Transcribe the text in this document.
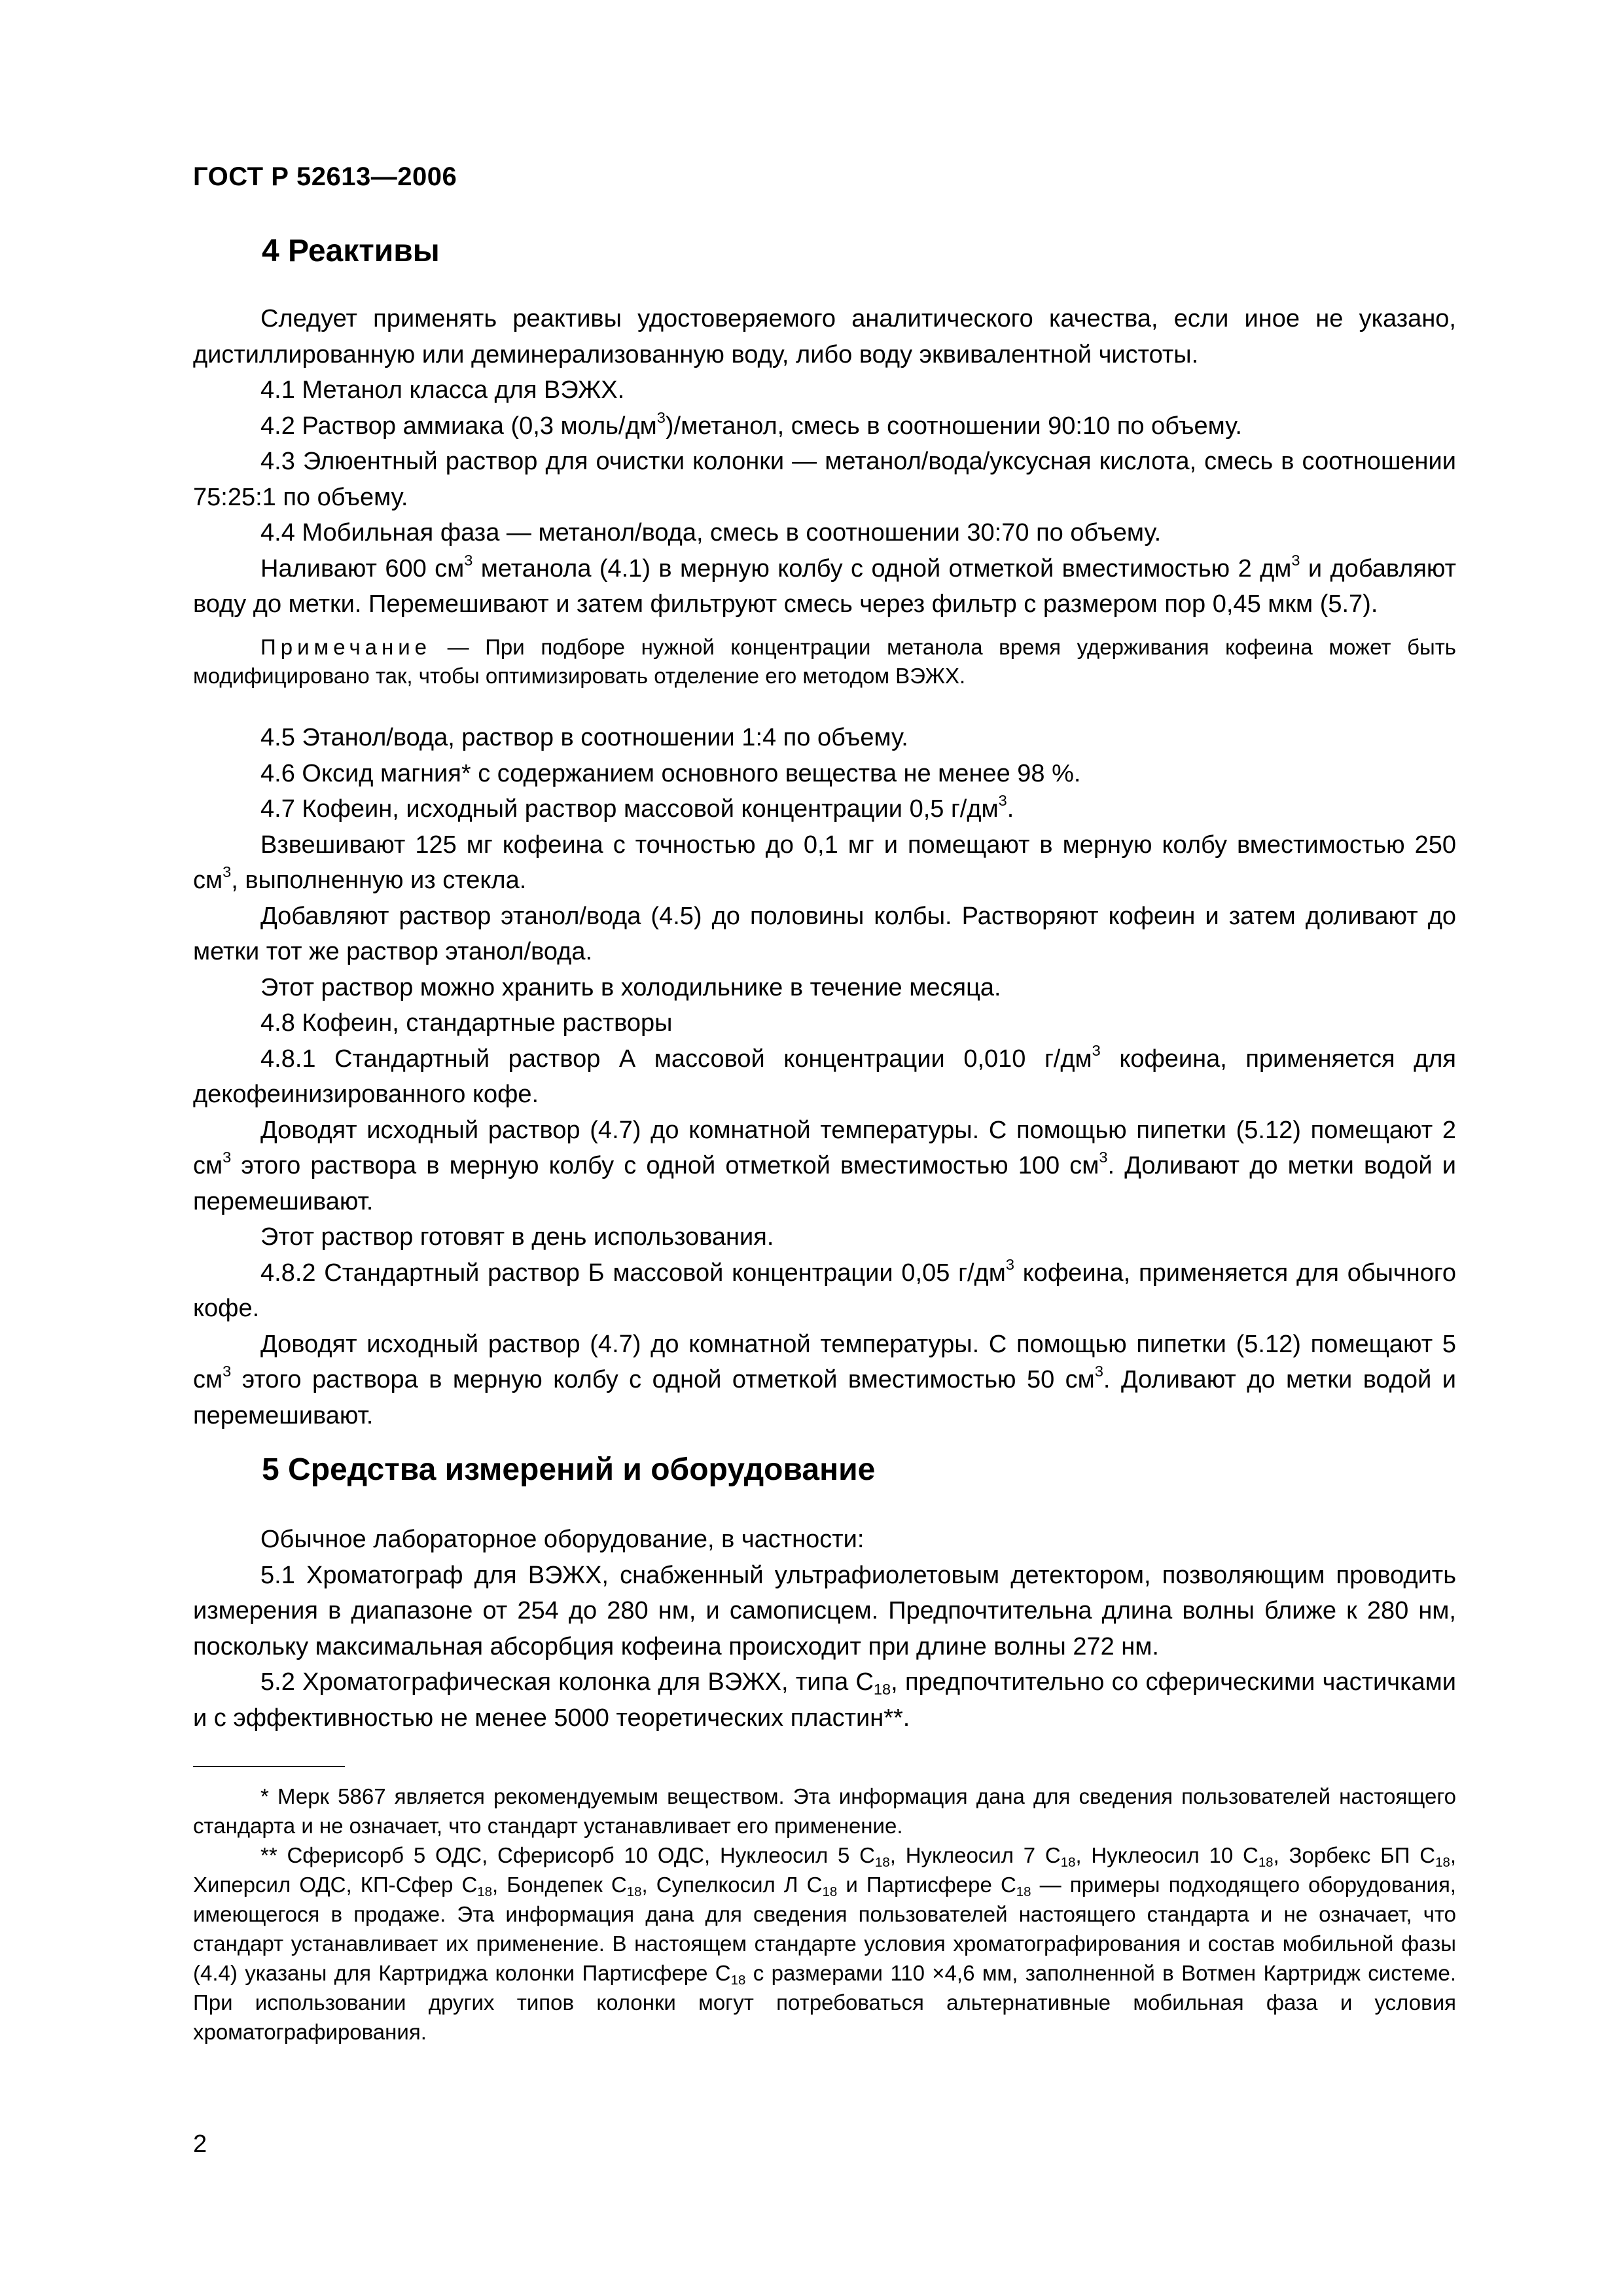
ГОСТ Р 52613—2006
4 Реактивы

Следует применять реактивы удостоверяемого аналитического качества, если иное не указано, дистиллированную или деминерализованную воду, либо воду эквивалентной чистоты.

4.1 Метанол класса для ВЭЖХ.

4.2 Раствор аммиака (0,3 моль/$дм^3$)/метанол, смесь в соотношении 90:10 по объему.

4.3 Элюентный раствор для очистки колонки — метанол/вода/уксусная кислота, смесь в соотношении 75:25:1 по объему.

4.4 Мобильная фаза — метанол/вода, смесь в соотношении 30:70 по объему.

Наливают 600 $см^3$ метанола (4.1) в мерную колбу с одной отметкой вместимостью 2 $дм^3$ и добавляют воду до метки. Перемешивают и затем фильтруют смесь через фильтр с размером пор 0,45 мкм (5.7).

Примечание — При подборе нужной концентрации метанола время удерживания кофеина может быть модифицировано так, чтобы оптимизировать отделение его методом ВЭЖХ.

4.5 Этанол/вода, раствор в соотношении 1:4 по объему.

4.6 Оксид магния* с содержанием основного вещества не менее 98 %.

4.7 Кофеин, исходный раствор массовой концентрации 0,5 $г/дм^3$.

Взвешивают 125 мг кофеина с точностью до 0,1 мг и помещают в мерную колбу вместимостью 250 $см^3$, выполненную из стекла.

Добавляют раствор этанол/вода (4.5) до половины колбы. Растворяют кофеин и затем доливают до метки тот же раствор этанол/вода.

Этот раствор можно хранить в холодильнике в течение месяца.

4.8 Кофеин, стандартные растворы

4.8.1 Стандартный раствор А массовой концентрации 0,010 $г/дм^3$ кофеина, применяется для декофеинизированного кофе.

Доводят исходный раствор (4.7) до комнатной температуры. С помощью пипетки (5.12) помещают 2 $см^3$ этого раствора в мерную колбу с одной отметкой вместимостью 100 $см^3$. Доливают до метки водой и перемешивают.

Этот раствор готовят в день использования.

4.8.2 Стандартный раствор Б массовой концентрации 0,05 $г/дм^3$ кофеина, применяется для обычного кофе.

Доводят исходный раствор (4.7) до комнатной температуры. С помощью пипетки (5.12) помещают 5 $см^3$ этого раствора в мерную колбу с одной отметкой вместимостью 50 $см^3$. Доливают до метки водой и перемешивают.

5 Средства измерений и оборудование

Обычное лабораторное оборудование, в частности:

5.1 Хроматограф для ВЭЖХ, снабженный ультрафиолетовым детектором, позволяющим проводить измерения в диапазоне от 254 до 280 нм, и самописцем. Предпочтительна длина волны ближе к 280 нм, поскольку максимальная абсорбция кофеина происходит при длине волны 272 нм.

5.2 Хроматографическая колонка для ВЭЖХ, типа $С_{18}$, предпочтительно со сферическими частичками и с эффективностью не менее 5000 теоретических пластин**.

* Мерк 5867 является рекомендуемым веществом. Эта информация дана для сведения пользователей настоящего стандарта и не означает, что стандарт устанавливает его применение.

** Сферисорб 5 ОДС, Сферисорб 10 ОДС, Нуклеосил 5 $С_{18}$, Нуклеосил 7 $С_{18}$, Нуклеосил 10 $С_{18}$, Зорбекс БП $С_{18}$, Хиперсил ОДС, КП-Сфер $С_{18}$, Бондепек $С_{18}$, Супелкосил Л $С_{18}$ и Партисфере $С_{18}$ — примеры подходящего оборудования, имеющегося в продаже. Эта информация дана для сведения пользователей настоящего стандарта и не означает, что стандарт устанавливает их применение. В настоящем стандарте условия хроматографирования и состав мобильной фазы (4.4) указаны для Картриджа колонки Партисфере $С_{18}$ с размерами 110 ×4,6 мм, заполненной в Вотмен Картридж системе. При использовании других типов колонки могут потребоваться альтернативные мобильная фаза и условия хроматографирования.

2
